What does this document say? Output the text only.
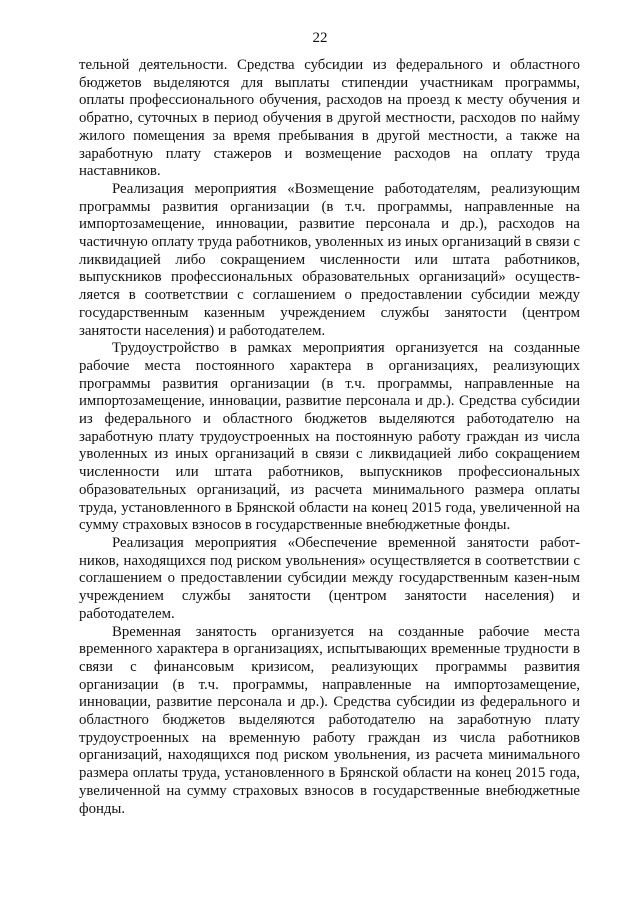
22

тельной деятельности. Средства субсидии из федерального и областного бюджетов выделяются для выплаты стипендии участникам программы, оплаты профессионального обучения, расходов на проезд к месту обучения и обратно, суточных в период обучения в другой местности, расходов по найму жилого помещения за время пребывания в другой местности, а также на заработную плату стажеров и возмещение расходов на оплату труда наставников.

Реализация мероприятия «Возмещение работодателям, реализующим программы развития организации (в т.ч. программы, направленные на импортозамещение, инновации, развитие персонала и др.), расходов на частичную оплату труда работников, уволенных из иных организаций в связи с ликвидацией либо сокращением численности или штата работников, выпускников профессиональных образовательных организаций» осуществ-ляется в соответствии с соглашением о предоставлении субсидии между государственным казенным учреждением службы занятости (центром занятости населения) и работодателем.

Трудоустройство в рамках мероприятия организуется на созданные рабочие места постоянного характера в организациях, реализующих программы развития организации (в т.ч. программы, направленные на импортозамещение, инновации, развитие персонала и др.). Средства субсидии из федерального и областного бюджетов выделяются работодателю на заработную плату трудоустроенных на постоянную работу граждан из числа уволенных из иных организаций в связи с ликвидацией либо сокращением численности или штата работников, выпускников профессиональных образовательных организаций, из расчета минимального размера оплаты труда, установленного в Брянской области на конец 2015 года, увеличенной на сумму страховых взносов в государственные внебюджетные фонды.

Реализация мероприятия «Обеспечение временной занятости работ-ников, находящихся под риском увольнения» осуществляется в соответствии с соглашением о предоставлении субсидии между государственным казен-ным учреждением службы занятости (центром занятости населения) и работодателем.

Временная занятость организуется на созданные рабочие места временного характера в организациях, испытывающих временные трудности в связи с финансовым кризисом, реализующих программы развития организации (в т.ч. программы, направленные на импортозамещение, инновации, развитие персонала и др.). Средства субсидии из федерального и областного бюджетов выделяются работодателю на заработную плату трудоустроенных на временную работу граждан из числа работников организаций, находящихся под риском увольнения, из расчета минимального размера оплаты труда, установленного в Брянской области на конец 2015 года, увеличенной на сумму страховых взносов в государственные внебюджетные фонды.
